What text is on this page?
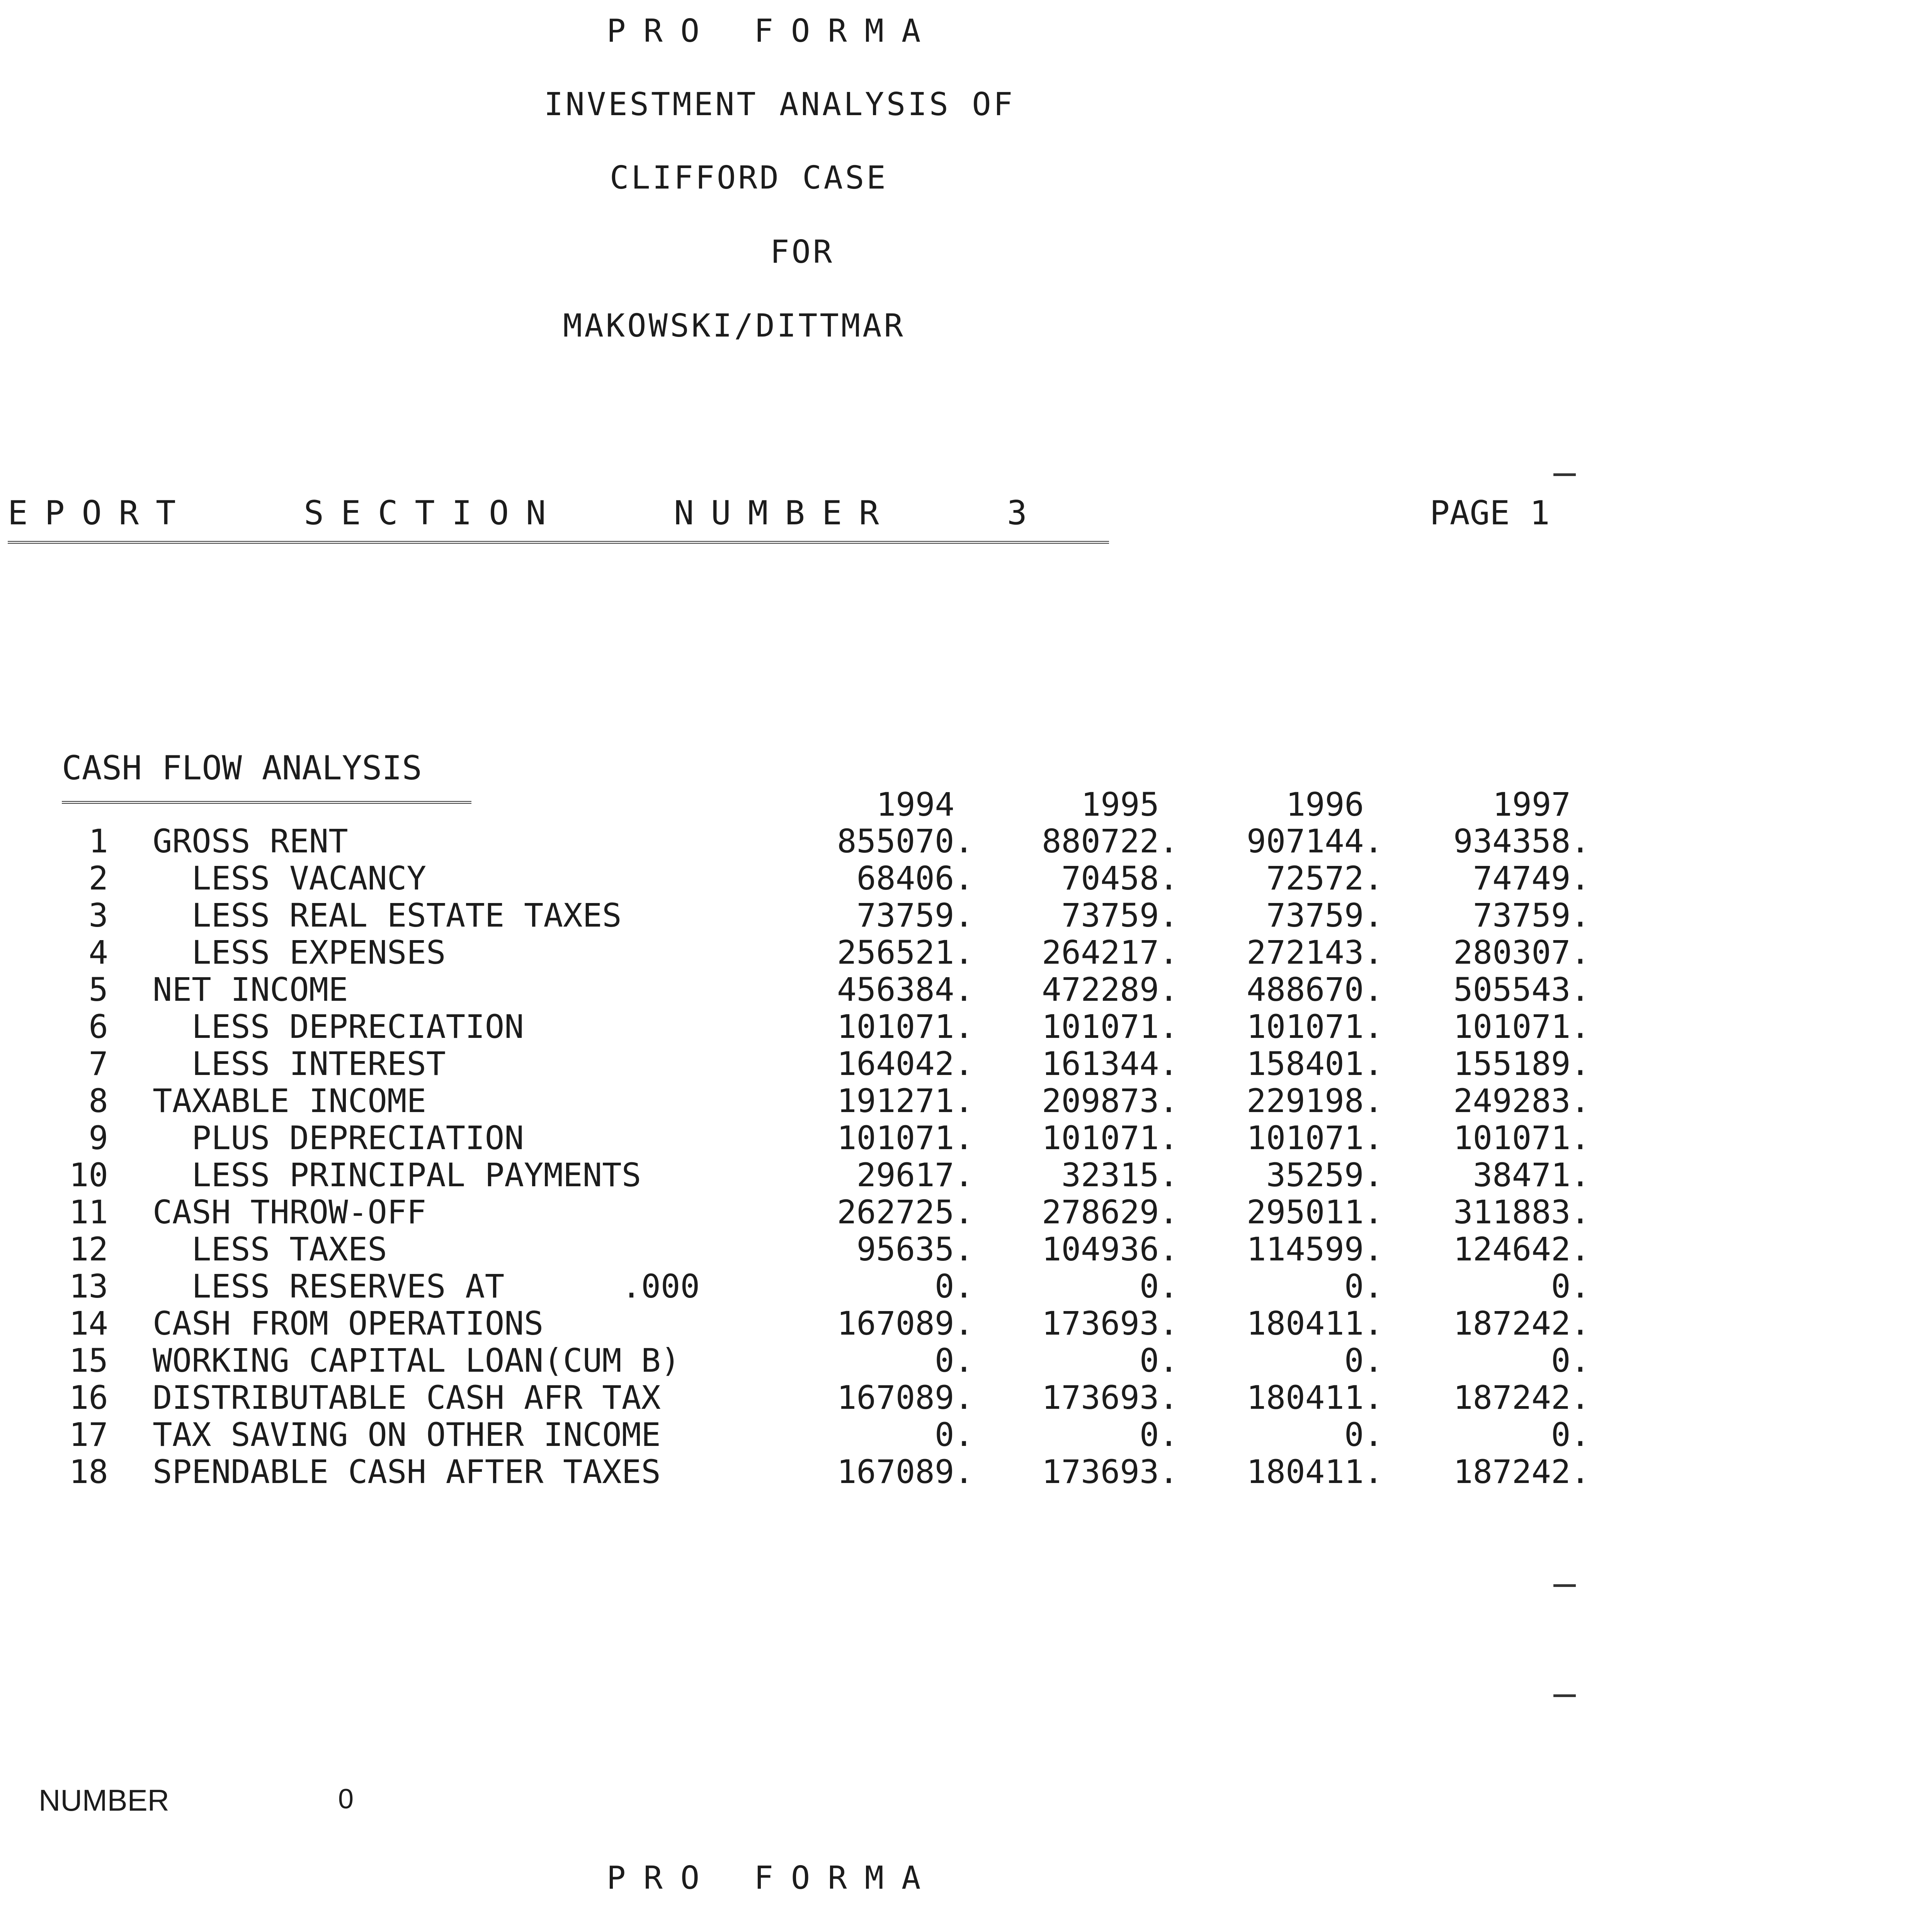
PRO FORMA
INVESTMENT ANALYSIS OF
CLIFFORD CASE
FOR
MAKOWSKI/DITTMAR
EPORT   SECTION   NUMBER   3	PAGE 1
CASH FLOW ANALYSIS
1994	1995	1996	1997
1 GROSS RENT	855070.	880722.	907144.	934358.
2 LESS VACANCY	68406.	70458.	72572.	74749.
3 LESS REAL ESTATE TAXES	73759.	73759.	73759.	73759.
4 LESS EXPENSES	256521.	264217.	272143.	280307.
5 NET INCOME	456384.	472289.	488670.	505543.
6 LESS DEPRECIATION	101071.	101071.	101071.	101071.
7 LESS INTEREST	164042.	161344.	158401.	155189.
8 TAXABLE INCOME	191271.	209873.	229198.	249283.
9 PLUS DEPRECIATION	101071.	101071.	101071.	101071.
10 LESS PRINCIPAL PAYMENTS	29617.	32315.	35259.	38471.
11 CASH THROW-OFF	262725.	278629.	295011.	311883.
12 LESS TAXES	95635.	104936.	114599.	124642.
13 LESS RESERVES AT      .000	0.	0.	0.	0.
14 CASH FROM OPERATIONS	167089.	173693.	180411.	187242.
15 WORKING CAPITAL LOAN(CUM B)	0.	0.	0.	0.
16 DISTRIBUTABLE CASH AFR TAX	167089.	173693.	180411.	187242.
17 TAX SAVING ON OTHER INCOME	0.	0.	0.	0.
18 SPENDABLE CASH AFTER TAXES	167089.	173693.	180411.	187242.
NUMBER	0
PRO FORMA
